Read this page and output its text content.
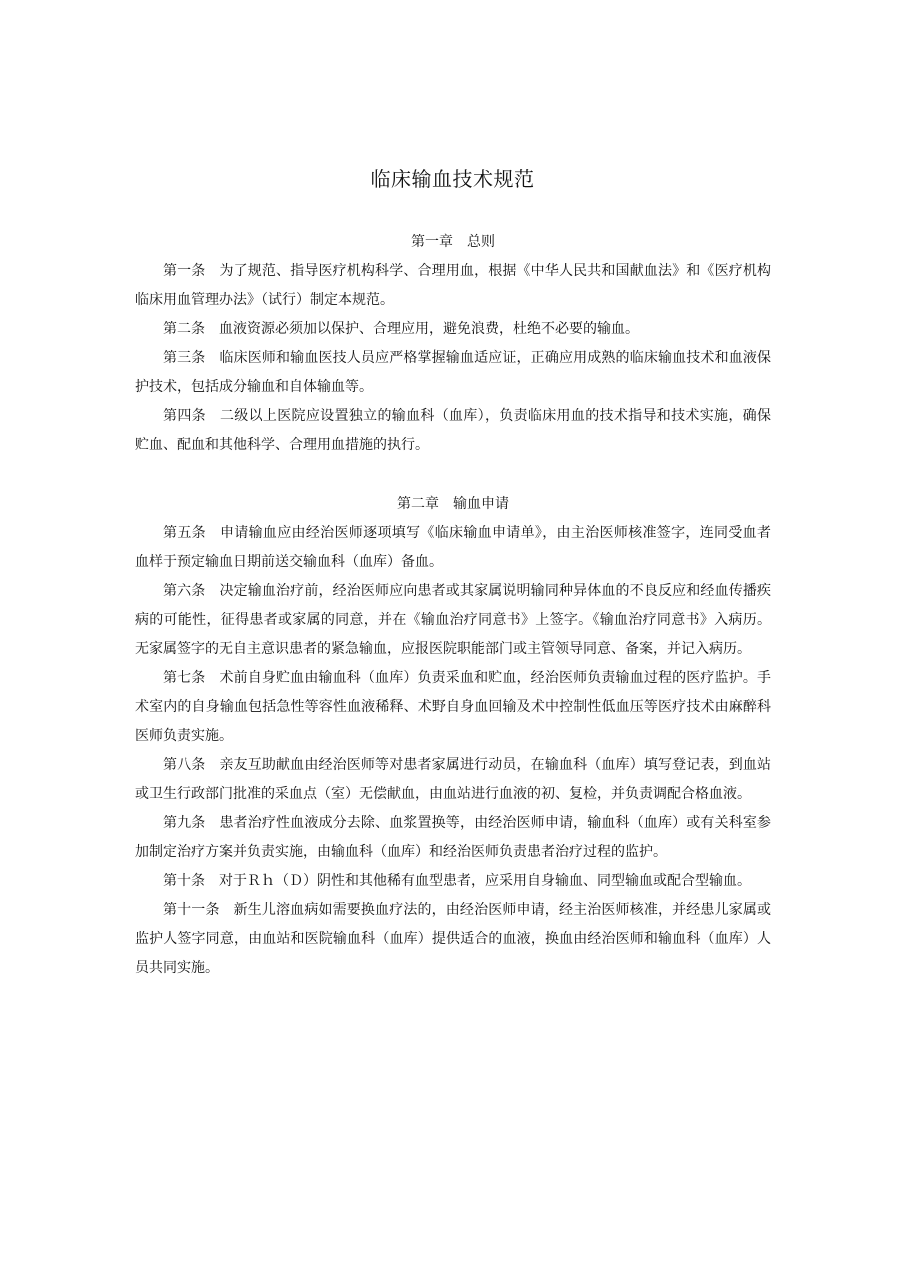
临床输血技术规范
第一章 总则

第一条 为了规范、指导医疗机构科学、合理用血，根据《中华人民共和国献血法》和《医疗机构临床用血管理办法》（试行）制定本规范。

第二条 血液资源必须加以保护、合理应用，避免浪费，杜绝不必要的输血。

第三条 临床医师和输血医技人员应严格掌握输血适应证，正确应用成熟的临床输血技术和血液保护技术，包括成分输血和自体输血等。

第四条 二级以上医院应设置独立的输血科（血库），负责临床用血的技术指导和技术实施，确保贮血、配血和其他科学、合理用血措施的执行。

第二章 输血申请

第五条 申请输血应由经治医师逐项填写《临床输血申请单》，由主治医师核准签字，连同受血者血样于预定输血日期前送交输血科（血库）备血。

第六条 决定输血治疗前，经治医师应向患者或其家属说明输同种异体血的不良反应和经血传播疾病的可能性，征得患者或家属的同意，并在《输血治疗同意书》上签字。《输血治疗同意书》入病历。无家属签字的无自主意识患者的紧急输血，应报医院职能部门或主管领导同意、备案，并记入病历。

第七条 术前自身贮血由输血科（血库）负责采血和贮血，经治医师负责输血过程的医疗监护。手术室内的自身输血包括急性等容性血液稀释、术野自身血回输及术中控制性低血压等医疗技术由麻醉科医师负责实施。

第八条 亲友互助献血由经治医师等对患者家属进行动员，在输血科（血库）填写登记表，到血站或卫生行政部门批准的采血点（室）无偿献血，由血站进行血液的初、复检，并负责调配合格血液。

第九条 患者治疗性血液成分去除、血浆置换等，由经治医师申请，输血科（血库）或有关科室参加制定治疗方案并负责实施，由输血科（血库）和经治医师负责患者治疗过程的监护。

第十条 对于Ｒｈ（Ｄ）阴性和其他稀有血型患者，应采用自身输血、同型输血或配合型输血。

第十一条 新生儿溶血病如需要换血疗法的，由经治医师申请，经主治医师核准，并经患儿家属或监护人签字同意，由血站和医院输血科（血库）提供适合的血液，换血由经治医师和输血科（血库）人员共同实施。
